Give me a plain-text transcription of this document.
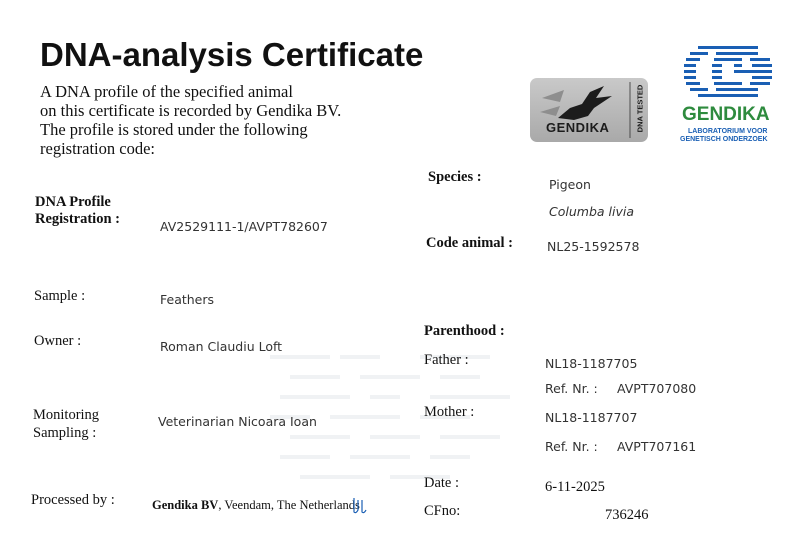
DNA-analysis Certificate
A DNA profile of the specified animal
on this certificate is recorded by Gendika BV.
The profile is stored under the following
registration code:
GENDIKA	DNA TESTED GENDIKA
LABORATORIUM VOOR
GENETISCH ONDERZOEK
DNA Profile
Registration :	AV2529111-1/AVPT782607
Sample :	Feathers
Owner :	Roman Claudiu Loft
Monitoring
Sampling :
Veterinarian Nicoara Ioan
Processed by :	Gendika BV, Veendam, The Netherlands
Species :	Pigeon
Columba livia
Code animal :	NL25-1592578
Parenthood :
Father :	NL18-1187705
Ref. Nr. : AVPT707080
Mother :	NL18-1187707
Ref. Nr. : AVPT707161
Date :	6-11-2025
CFno:	736246
